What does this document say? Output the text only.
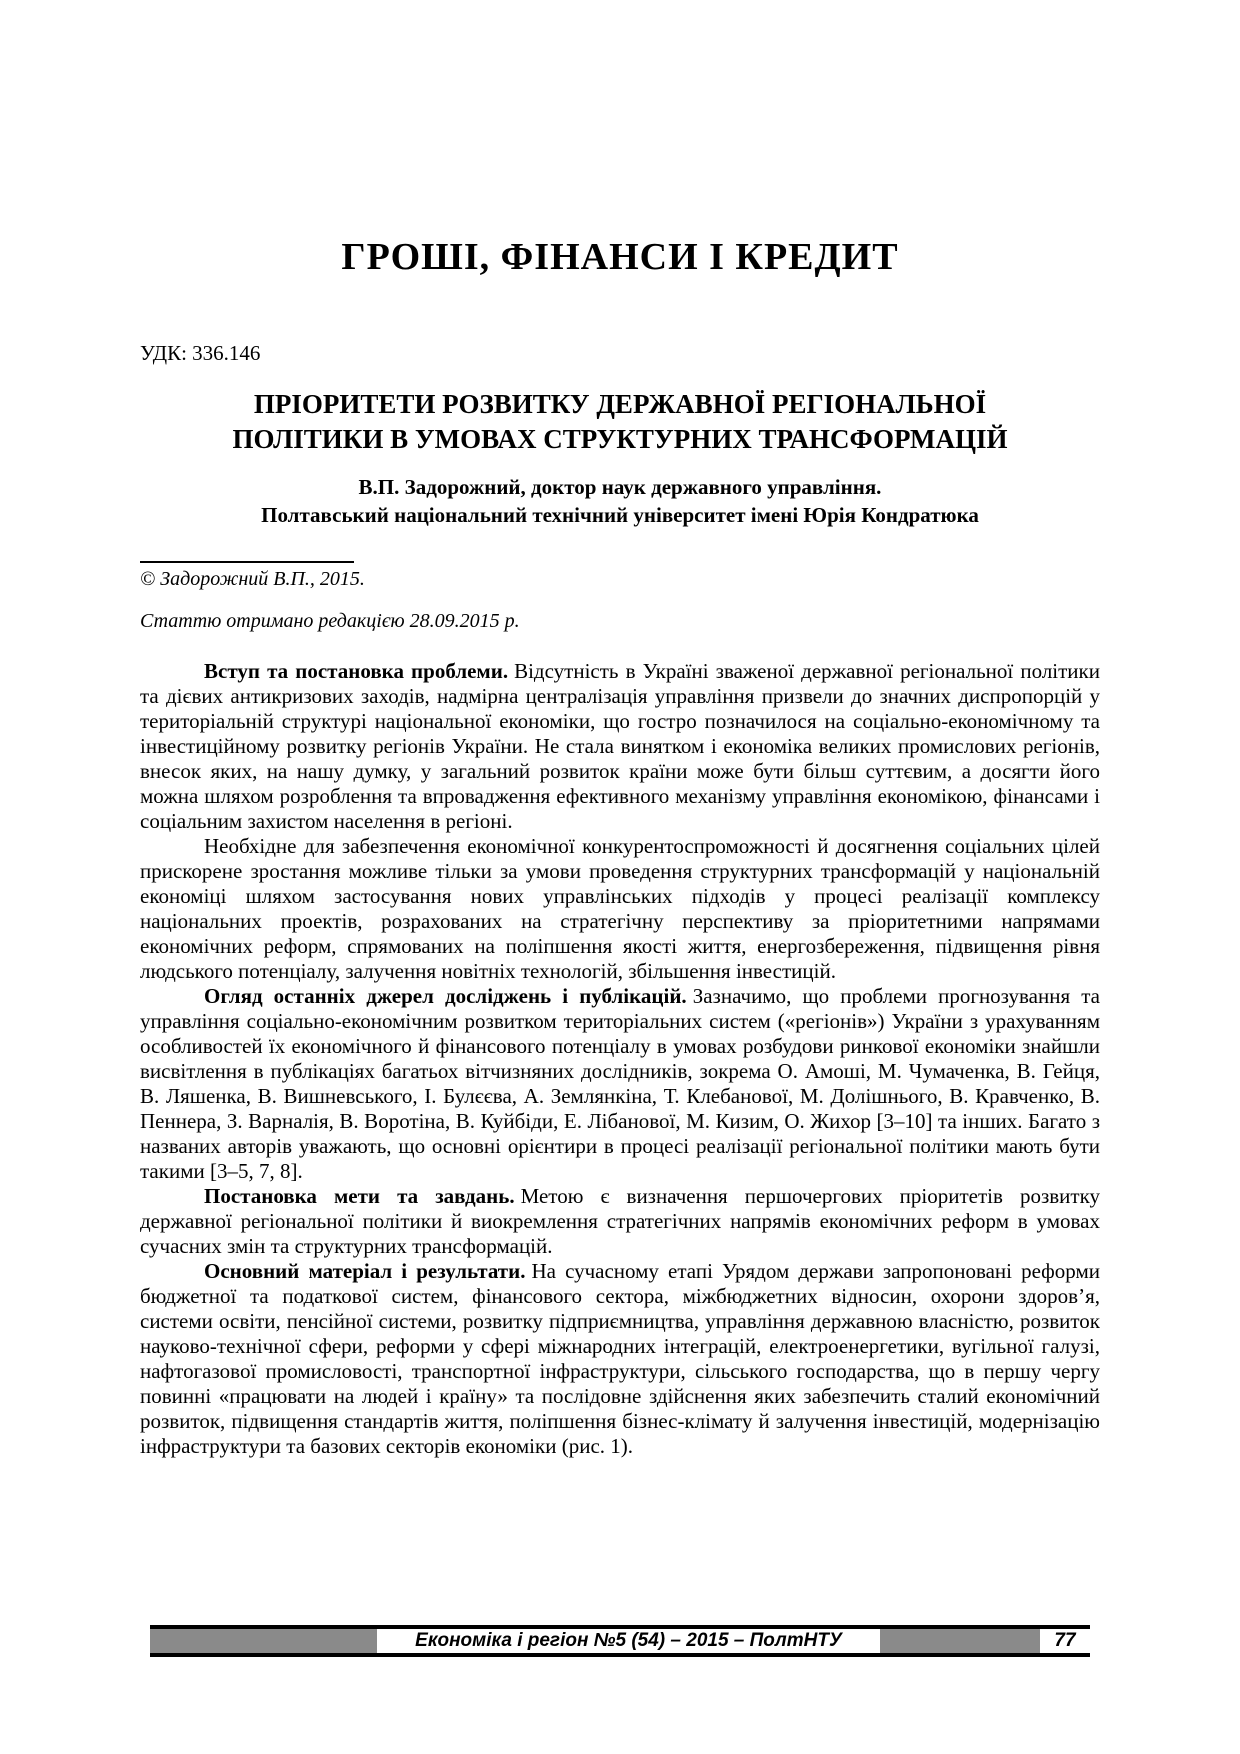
ГРОШІ, ФІНАНСИ І КРЕДИТ
УДК: 336.146
ПРІОРИТЕТИ РОЗВИТКУ ДЕРЖАВНОЇ РЕГІОНАЛЬНОЇ
ПОЛІТИКИ В УМОВАХ СТРУКТУРНИХ ТРАНСФОРМАЦІЙ
В.П. Задорожний, доктор наук державного управління.
Полтавський національний технічний університет імені Юрія Кондратюка
© Задорожний В.П., 2015.
Статтю отримано редакцією 28.09.2015 р.

Вступ та постановка проблеми. Відсутність в Україні зваженої державної регіональної політики та дієвих антикризових заходів, надмірна централізація управління призвели до значних диспропорцій у територіальній структурі національної економіки, що гостро позначилося на соціально-економічному та інвестиційному розвитку регіонів України. Не стала винятком і економіка великих промислових регіонів, внесок яких, на нашу думку, у загальний розвиток країни може бути більш суттєвим, а досягти його можна шляхом розроблення та впровадження ефективного механізму управління економікою, фінансами і соціальним захистом населення в регіоні.

Необхідне для забезпечення економічної конкурентоспроможності й досягнення соціальних цілей прискорене зростання можливе тільки за умови проведення структурних трансформацій у національній економіці шляхом застосування нових управлінських підходів у процесі реалізації комплексу національних проектів, розрахованих на стратегічну перспективу за пріоритетними напрямами економічних реформ, спрямованих на поліпшення якості життя, енергозбереження, підвищення рівня людського потенціалу, залучення новітніх технологій, збільшення інвестицій.

Огляд останніх джерел досліджень і публікацій. Зазначимо, що проблеми прогнозування та управління соціально-економічним розвитком територіальних систем («регіонів») України з урахуванням особливостей їх економічного й фінансового потенціалу в умовах розбудови ринкової економіки знайшли висвітлення в публікаціях багатьох вітчизняних дослідників, зокрема О. Амоші, М. Чумаченка, В. Гейця, В. Ляшенка, В. Вишневського, І. Булєєва, А. Землянкіна, Т. Клебанової, М. Долішнього, В. Кравченко, В. Пеннера, З. Варналія, В. Воротіна, В. Куйбіди, Е. Лібанової, М. Кизим, О. Жихор [3–10] та інших. Багато з названих авторів уважають, що основні орієнтири в процесі реалізації регіональної політики мають бути такими [3–5, 7, 8].

Постановка мети та завдань. Метою є визначення першочергових пріоритетів розвитку державної регіональної політики й виокремлення стратегічних напрямів економічних реформ в умовах сучасних змін та структурних трансформацій.

Основний матеріал і результати. На сучасному етапі Урядом держави запропоновані реформи бюджетної та податкової систем, фінансового сектора, міжбюджетних відносин, охорони здоров’я, системи освіти, пенсійної системи, розвитку підприємництва, управління державною власністю, розвиток науково-технічної сфери, реформи у сфері міжнародних інтеграцій, електроенергетики, вугільної галузі, нафтогазової промисловості, транспортної інфраструктури, сільського господарства, що в першу чергу повинні «працювати на людей і країну» та послідовне здійснення яких забезпечить сталий економічний розвиток, підвищення стандартів життя, поліпшення бізнес-клімату й залучення інвестицій, модернізацію інфраструктури та базових секторів економіки (рис. 1).

Економіка і регіон №5 (54) – 2015 – ПолтНТУ	77
